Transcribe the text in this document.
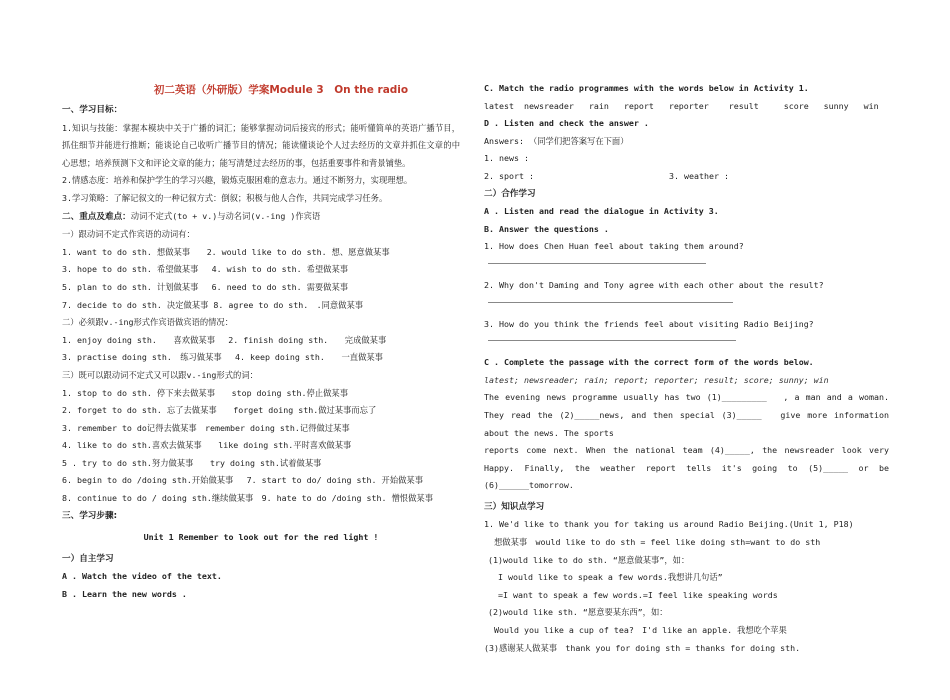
初二英语（外研版）学案Module 3　On the radio
一、学习目标：
1.知识与技能：掌握本模块中关于广播的词汇；能够掌握动词后接宾的形式；能听懂简单的英语广播节目，抓住细节并能进行推断；能谈论自己收听广播节目的情况；能读懂谈论个人过去经历的文章并抓住文章的中心思想；培养预测下文和评论文章的能力；能写清楚过去经历的事，包括重要事件和背景铺垫。
2.情感态度：培养和保护学生的学习兴趣，锻炼克服困难的意志力。通过不断努力，实现理想。
3.学习策略：了解记叙文的一种记叙方式：倒叙；积极与他人合作，共同完成学习任务。
二、重点及难点：动词不定式(to + v.)与动名词(v.-ing )作宾语
一）跟动词不定式作宾语的动词有：
1. want to do sth. 想做某事　　2. would like to do sth. 想、愿意做某事
3. hope to do sth. 希望做某事　 4. wish to do sth. 希望做某事
5. plan to do sth. 计划做某事　 6. need to do sth. 需要做某事
7. decide to do sth. 决定做某事 8. agree to do sth.　.同意做某事
二）必须跟v.-ing形式作宾语做宾语的情况：
1. enjoy doing sth.　　喜欢做某事　 2. finish doing sth.　　完成做某事
3. practise doing sth.　练习做某事　 4. keep doing sth.　　一直做某事
三）既可以跟动词不定式又可以跟v.-ing形式的词：
1. stop to do sth. 停下来去做某事　　stop doing sth.停止做某事
2. forget to do sth. 忘了去做某事　　forget doing sth.做过某事而忘了
3. remember to do记得去做某事　remember doing sth.记得做过某事
4. like to do sth.喜欢去做某事　　like doing sth.平时喜欢做某事
5 . try to do sth.努力做某事　　try doing sth.试着做某事
6. begin to do /doing sth.开始做某事　 7. start to do/ doing sth. 开始做某事
8. continue to do / doing sth.继续做某事　9. hate to do /doing sth. 憎恨做某事
三、学习步骤:
Unit 1 Remember to look out for the red light !
一）自主学习
A . Watch the video of the text.
B . Learn the new words .
C. Match the radio programmes with the words below in Activity 1.
latest  newsreader   rain   report   reporter    result     score   sunny   win
D . Listen and check the answer .
Answers: （同学们把答案写在下面）
1. news :
2. sport :	3. weather :
二）合作学习
A . Listen and read the dialogue in Activity 3.
B. Answer the questions .
1. How does Chen Huan feel about taking them around?
2. Why don't Daming and Tony agree with each other about the result?
3. How do you think the friends feel about visiting Radio Beijing?
C . Complete the passage with the correct form of the words below.
latest; newsreader; rain; report; reporter; result; score; sunny; win
The evening news programme usually has two (1)_________　 , a man and a woman. They read the (2)_____news, and then special (3)_____　 give more information about the news. The sports
reports come next. When the national team (4)_____, the newsreader look very Happy. Finally, the weather report tells it's going to (5)_____ or be (6)______tomorrow.
三）知识点学习
1. We'd like to thank you for taking us around Radio Beijing.(Unit 1, P18)
想做某事　would like to do sth = feel like doing sth=want to do sth
(1)would like to do sth. “愿意做某事”，如：
I would like to speak a few words.我想讲几句话”
=I want to speak a few words.=I feel like speaking words
(2)would like sth. “愿意要某东西”，如：
Would you like a cup of tea?　I'd like an apple. 我想吃个苹果
(3)感谢某人做某事　thank you for doing sth = thanks for doing sth.
